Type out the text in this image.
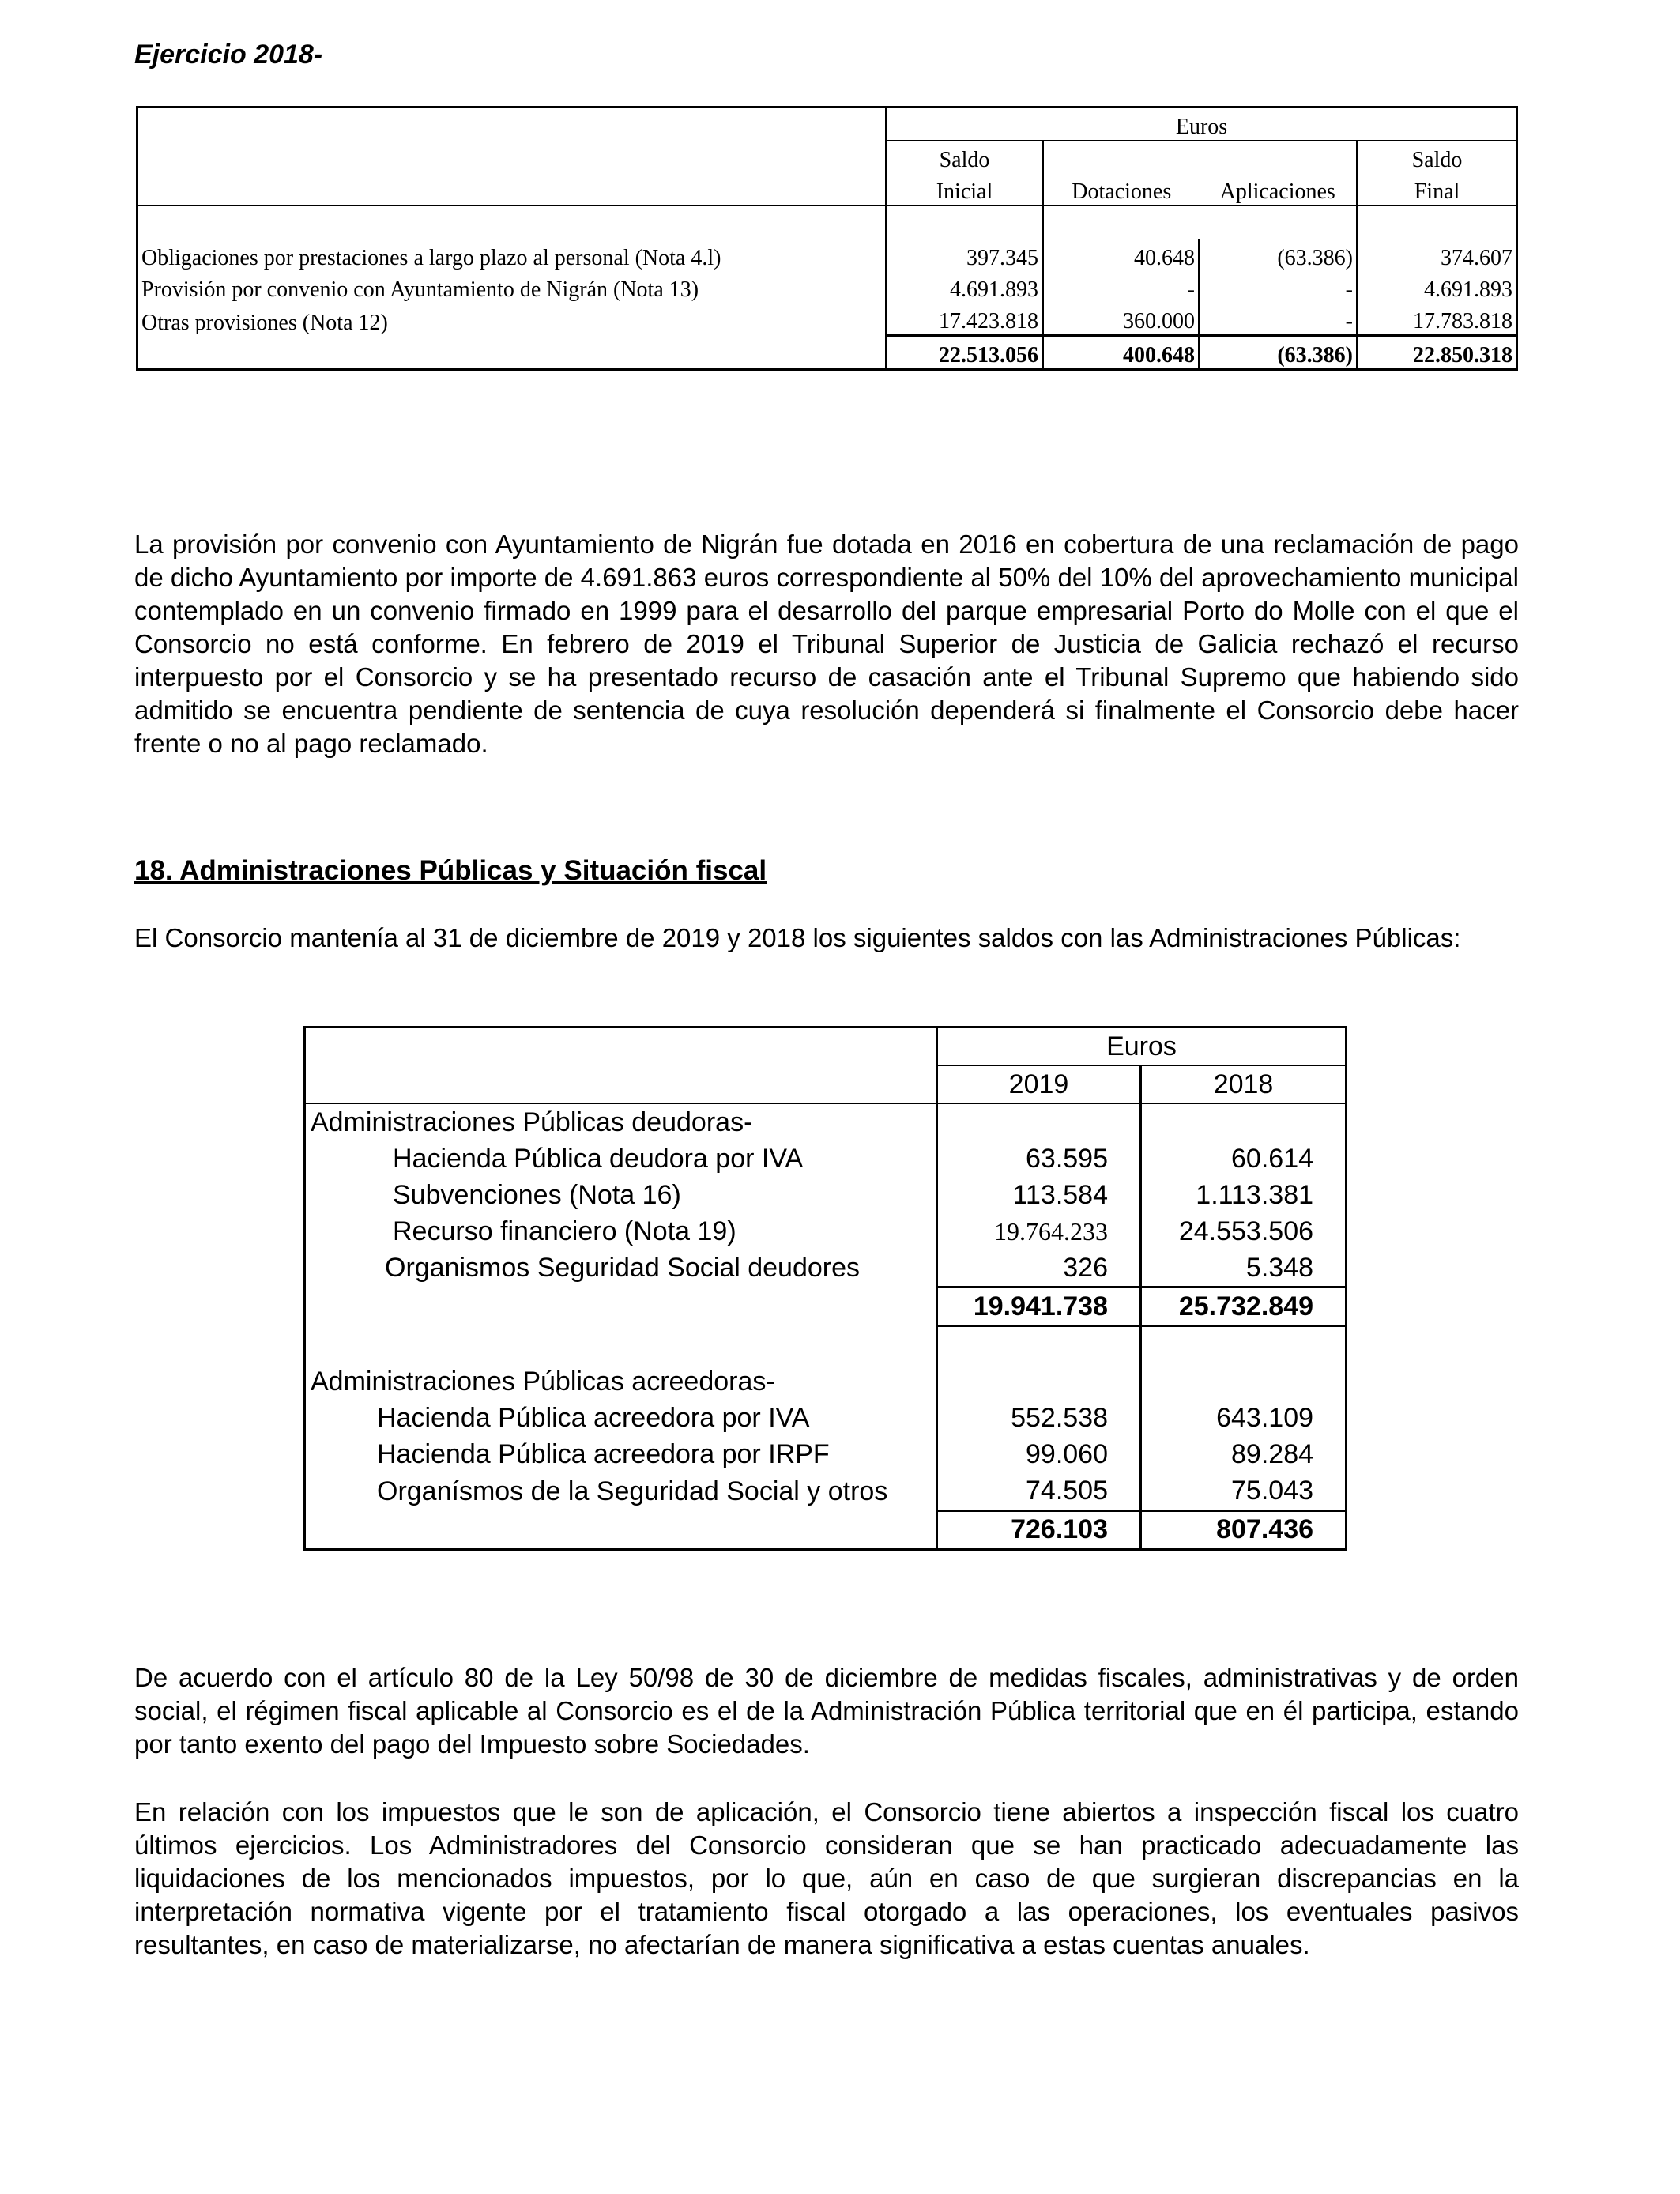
Ejercicio 2018-

	Euros			
	Saldo			Saldo
	Inicial	Dotaciones	Aplicaciones	Final

Obligaciones por prestaciones a largo plazo al personal (Nota 4.l)	397.345	40.648	(63.386)	374.607
Provisión por convenio con Ayuntamiento de Nigrán (Nota 13)	4.691.893	-	-	4.691.893
Otras provisiones (Nota 12)	17.423.818	360.000	-	17.783.818
	22.513.056	400.648	(63.386)	22.850.318

La provisión por convenio con Ayuntamiento de Nigrán fue dotada en 2016 en cobertura de una reclamación de pago de dicho Ayuntamiento por importe de 4.691.863 euros correspondiente al 50% del 10% del aprovechamiento municipal contemplado en un convenio firmado en 1999 para el desarrollo del parque empresarial Porto do Molle con el que el Consorcio no está conforme. En febrero de 2019 el Tribunal Superior de Justicia de Galicia rechazó el recurso interpuesto por el Consorcio y se ha presentado recurso de casación ante el Tribunal Supremo que habiendo sido admitido se encuentra pendiente de sentencia de cuya resolución dependerá si finalmente el Consorcio debe hacer frente o no al pago reclamado.

18. Administraciones Públicas y Situación fiscal

El Consorcio mantenía al 31 de diciembre de 2019 y 2018 los siguientes saldos con las Administraciones Públicas:

	Euros	
	2019	2018
Administraciones Públicas deudoras-		
Hacienda Pública deudora por IVA	63.595	60.614
Subvenciones (Nota 16)	113.584	1.113.381
Recurso financiero (Nota 19)	19.764.233	24.553.506
Organismos Seguridad Social deudores	326	5.348
	19.941.738	25.732.849

Administraciones Públicas acreedoras-		
Hacienda Pública acreedora por IVA	552.538	643.109
Hacienda Pública acreedora por IRPF	99.060	89.284
Organísmos de la Seguridad Social y otros	74.505	75.043
	726.103	807.436

De acuerdo con el artículo 80 de la Ley 50/98 de 30 de diciembre de medidas fiscales, administrativas y de orden social, el régimen fiscal aplicable al Consorcio es el de la Administración Pública territorial que en él participa, estando por tanto exento del pago del Impuesto sobre Sociedades.

En relación con los impuestos que le son de aplicación, el Consorcio tiene abiertos a inspección fiscal los cuatro últimos ejercicios. Los Administradores del Consorcio consideran que se han practicado adecuadamente las liquidaciones de los mencionados impuestos, por lo que, aún en caso de que surgieran discrepancias en la interpretación normativa vigente por el tratamiento fiscal otorgado a las operaciones, los eventuales pasivos resultantes, en caso de materializarse, no afectarían de manera significativa a estas cuentas anuales.
